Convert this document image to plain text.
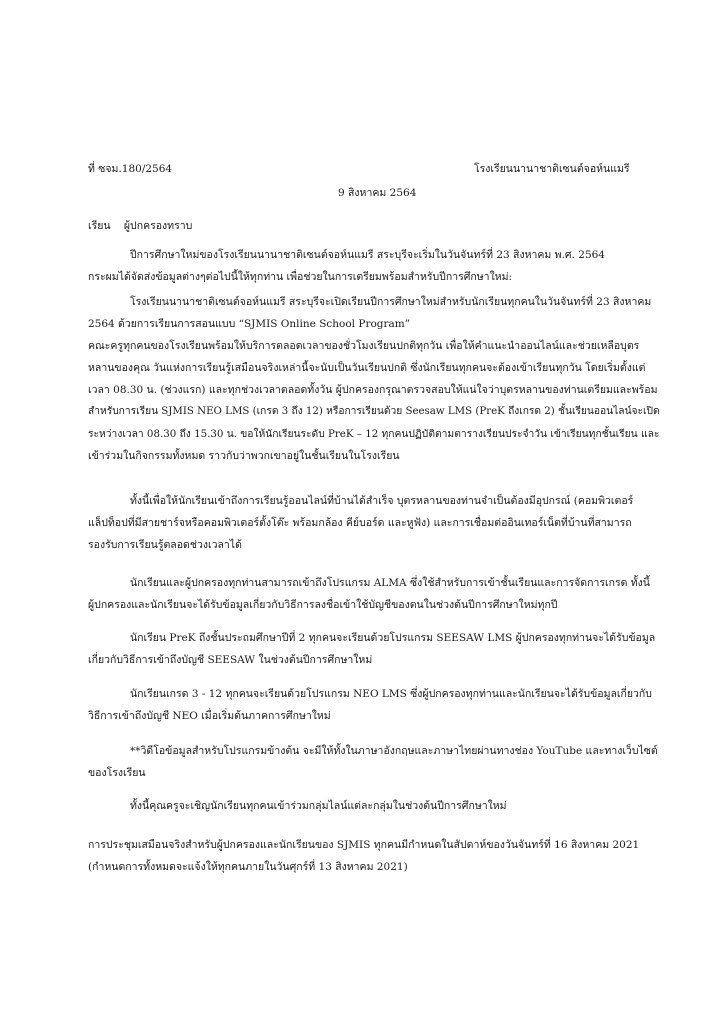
ที่ ซจม.180/2564	โรงเรียนนานาชาติเซนต์จอห์นแมรี
9 สิงหาคม 2564
เรียน    ผู้ปกครองทราบ
ปีการศึกษาใหม่ของโรงเรียนนานาชาติเซนต์จอห์นแมรี สระบุรีจะเริ่มในวันจันทร์ที่ 23 สิงหาคม พ.ศ. 2564
กระผมได้จัดส่งข้อมูลต่างๆต่อไปนี้ให้ทุกท่าน เพื่อช่วยในการเตรียมพร้อมสำหรับปีการศึกษาใหม่:
โรงเรียนนานาชาติเซนต์จอห์นแมรี สระบุรีจะเปิดเรียนปีการศึกษาใหม่สำหรับนักเรียนทุกคนในวันจันทร์ที่ 23 สิงหาคม
2564 ด้วยการเรียนการสอนแบบ “SJMIS Online School Program”
คณะครูทุกคนของโรงเรียนพร้อมให้บริการตลอดเวลาของชั่วโมงเรียนปกติทุกวัน เพื่อให้คำแนะนำออนไลน์และช่วยเหลือบุตร
หลานของคุณ วันแห่งการเรียนรู้เสมือนจริงเหล่านี้จะนับเป็นวันเรียนปกติ ซึ่งนักเรียนทุกคนจะต้องเข้าเรียนทุกวัน โดยเริ่มตั้งแต่
เวลา 08.30 น. (ช่วงแรก) และทุกช่วงเวลาตลอดทั้งวัน ผู้ปกครองกรุณาตรวจสอบให้แน่ใจว่าบุตรหลานของท่านเตรียมและพร้อม
สำหรับการเรียน SJMIS NEO LMS (เกรด 3 ถึง 12) หรือการเรียนด้วย Seesaw LMS (PreK ถึงเกรด 2) ชั้นเรียนออนไลน์จะเปิด
ระหว่างเวลา 08.30 ถึง 15.30 น. ขอให้นักเรียนระดับ PreK – 12 ทุกคนปฏิบัติตามตารางเรียนประจำวัน เข้าเรียนทุกชั้นเรียน และ
เข้าร่วมในกิจกรรมทั้งหมด ราวกับว่าพวกเขาอยู่ในชั้นเรียนในโรงเรียน
ทั้งนี้เพื่อให้นักเรียนเข้าถึงการเรียนรู้ออนไลน์ที่บ้านได้สำเร็จ บุตรหลานของท่านจำเป็นต้องมีอุปกรณ์ (คอมพิวเตอร์
แล็ปท็อปที่มีสายชาร์จหรือคอมพิวเตอร์ตั้งโต๊ะ พร้อมกล้อง คีย์บอร์ด และหูฟัง) และการเชื่อมต่ออินเทอร์เน็ตที่บ้านที่สามารถ
รองรับการเรียนรู้ตลอดช่วงเวลาได้
นักเรียนและผู้ปกครองทุกท่านสามารถเข้าถึงโปรแกรม ALMA ซึ่งใช้สำหรับการเข้าชั้นเรียนและการจัดการเกรด ทั้งนี้
ผู้ปกครองและนักเรียนจะได้รับข้อมูลเกี่ยวกับวิธีการลงชื่อเข้าใช้บัญชีของตนในช่วงต้นปีการศึกษาใหม่ทุกปี
นักเรียน PreK ถึงชั้นประถมศึกษาปีที่ 2 ทุกคนจะเรียนด้วยโปรแกรม SEESAW LMS ผู้ปกครองทุกท่านจะได้รับข้อมูล
เกี่ยวกับวิธีการเข้าถึงบัญชี SEESAW ในช่วงต้นปีการศึกษาใหม่
นักเรียนเกรด 3 - 12 ทุกคนจะเรียนด้วยโปรแกรม NEO LMS ซึ่งผู้ปกครองทุกท่านและนักเรียนจะได้รับข้อมูลเกี่ยวกับ
วิธีการเข้าถึงบัญชี NEO เมื่อเริ่มต้นภาคการศึกษาใหม่
**วิดีโอข้อมูลสำหรับโปรแกรมข้างต้น จะมีให้ทั้งในภาษาอังกฤษและภาษาไทยผ่านทางช่อง YouTube และทางเว็บไซต์
ของโรงเรียน
ทั้งนี้คุณครูจะเชิญนักเรียนทุกคนเข้าร่วมกลุ่มไลน์แต่ละกลุ่มในช่วงต้นปีการศึกษาใหม่
การประชุมเสมือนจริงสำหรับผู้ปกครองและนักเรียนของ SJMIS ทุกคนมีกำหนดในสัปดาห์ของวันจันทร์ที่ 16 สิงหาคม 2021
(กำหนดการทั้งหมดจะแจ้งให้ทุกคนภายในวันศุกร์ที่ 13 สิงหาคม 2021)
